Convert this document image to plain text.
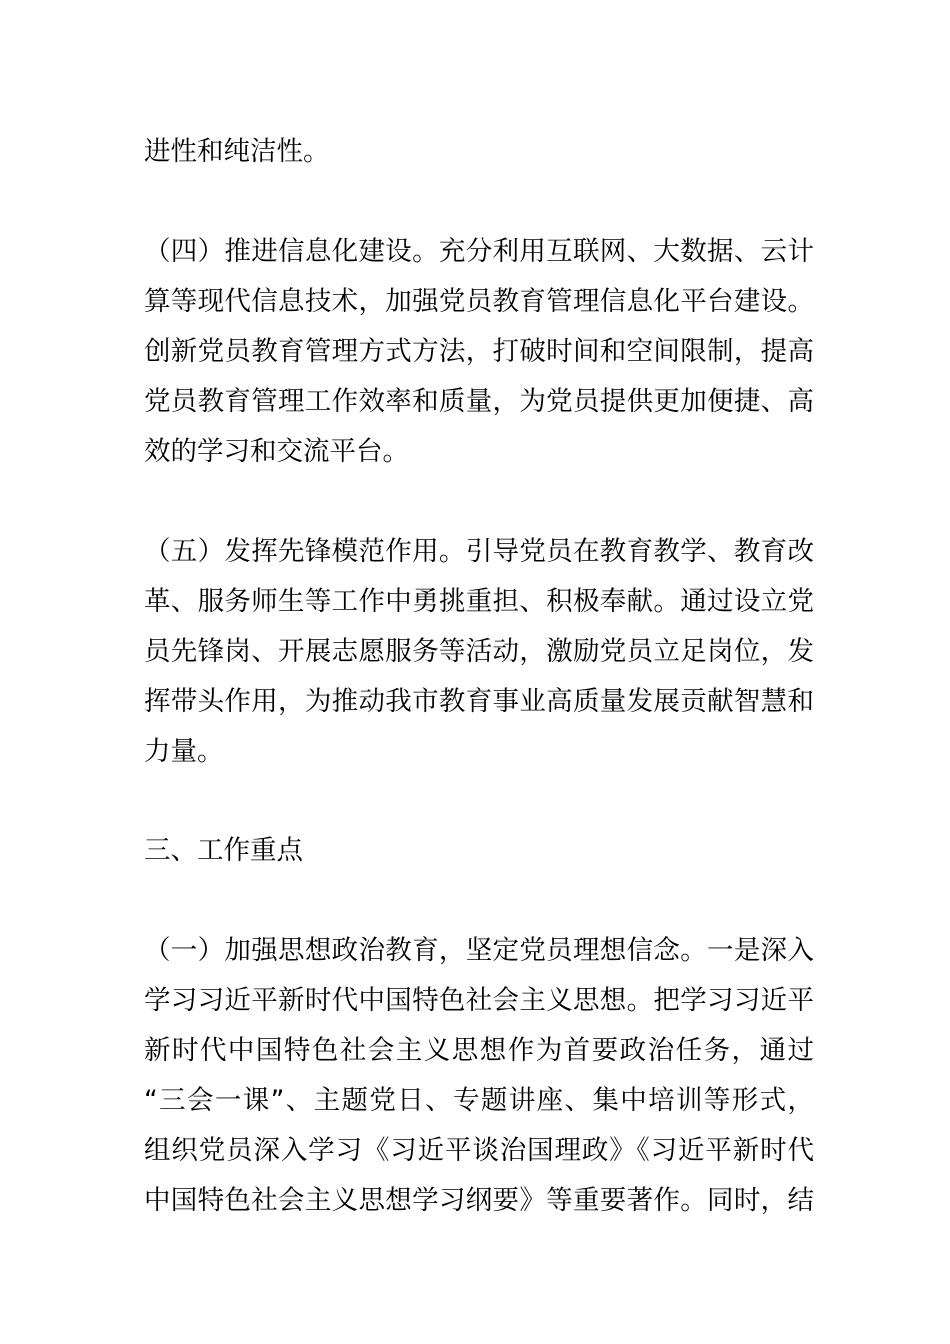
进性和纯洁性。
（四）推进信息化建设。充分利用互联网、大数据、云计
算等现代信息技术，加强党员教育管理信息化平台建设。
创新党员教育管理方式方法，打破时间和空间限制，提高
党员教育管理工作效率和质量，为党员提供更加便捷、高
效的学习和交流平台。
（五）发挥先锋模范作用。引导党员在教育教学、教育改
革、服务师生等工作中勇挑重担、积极奉献。通过设立党
员先锋岗、开展志愿服务等活动，激励党员立足岗位，发
挥带头作用，为推动我市教育事业高质量发展贡献智慧和
力量。
三、工作重点
（一）加强思想政治教育，坚定党员理想信念。一是深入
学习习近平新时代中国特色社会主义思想。把学习习近平
新时代中国特色社会主义思想作为首要政治任务，通过
“三会一课”、主题党日、专题讲座、集中培训等形式，
组织党员深入学习《习近平谈治国理政》《习近平新时代
中国特色社会主义思想学习纲要》等重要著作。同时，结
